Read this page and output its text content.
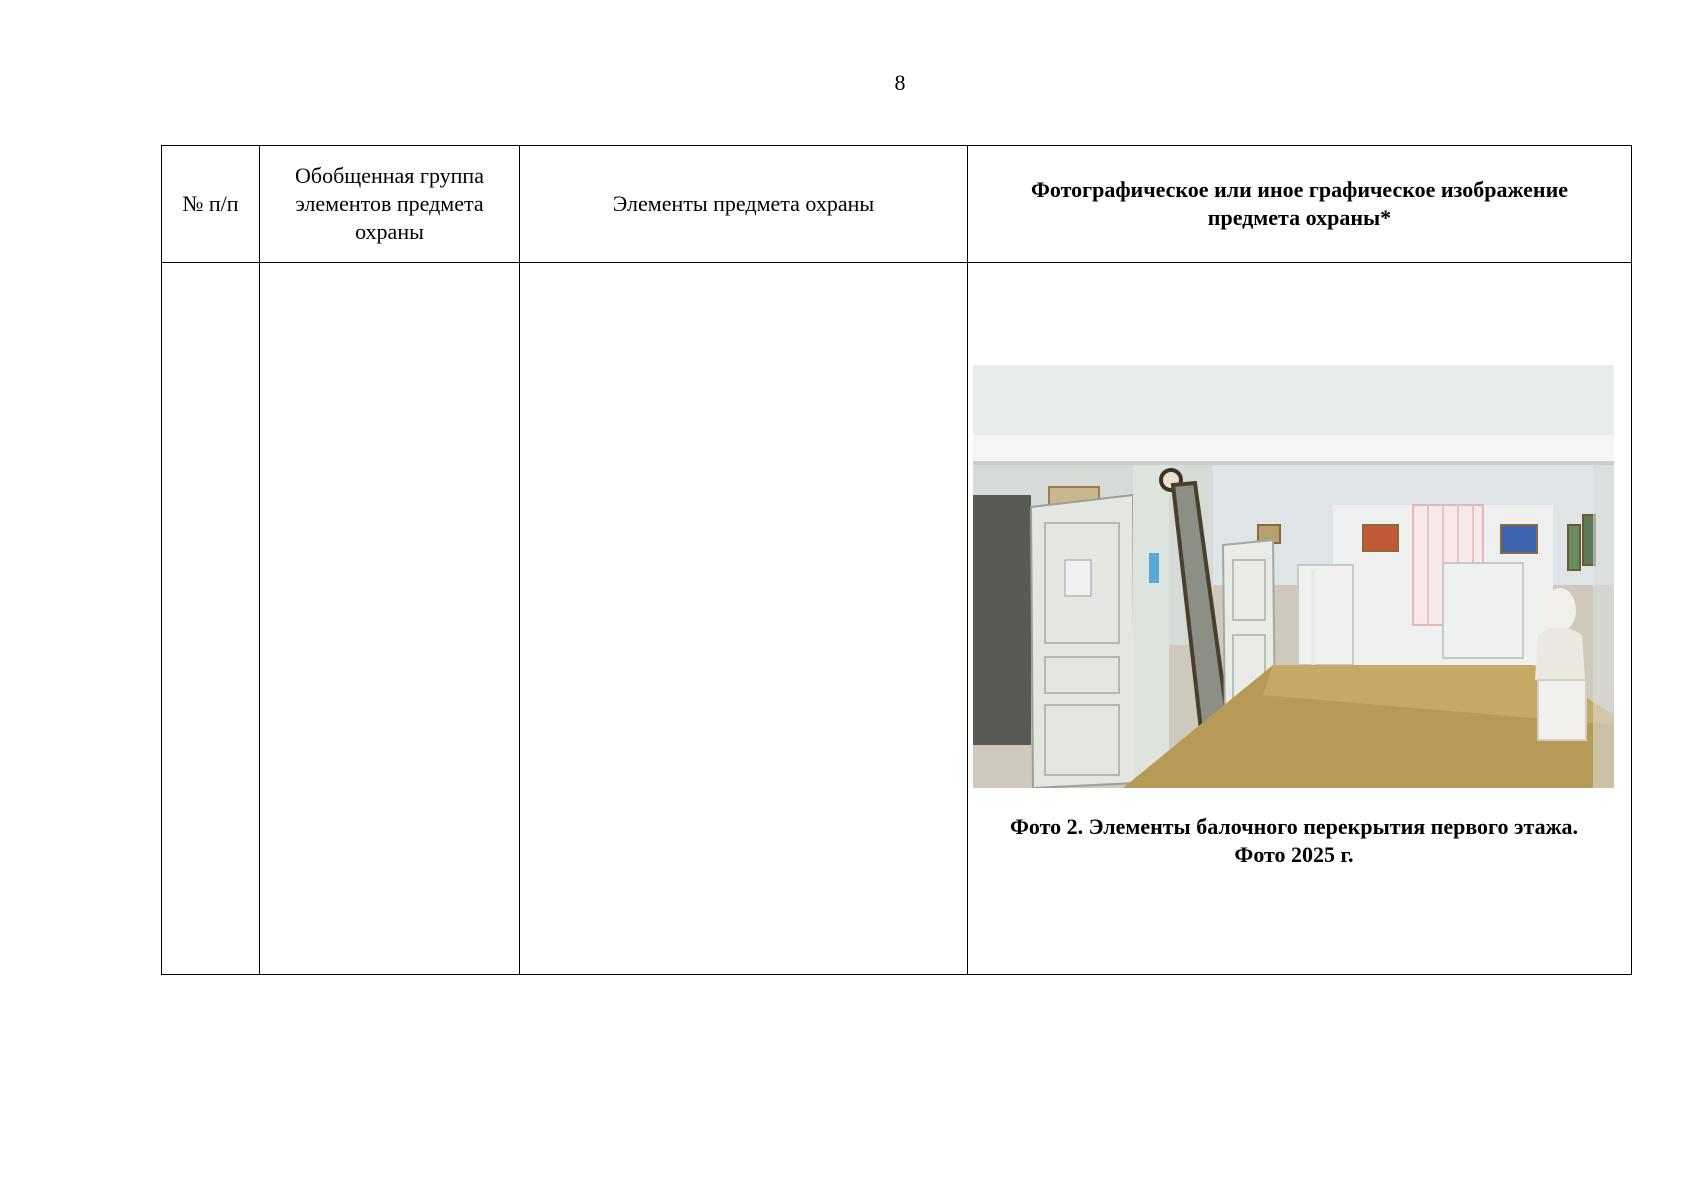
8
№ п/п	Обобщенная группа элементов предмета охраны	Элементы предмета охраны	Фотографическое или иное графическое изображение предмета охраны*

			Фото 2. Элементы балочного перекрытия первого этажа.
Фото 2025 г.
